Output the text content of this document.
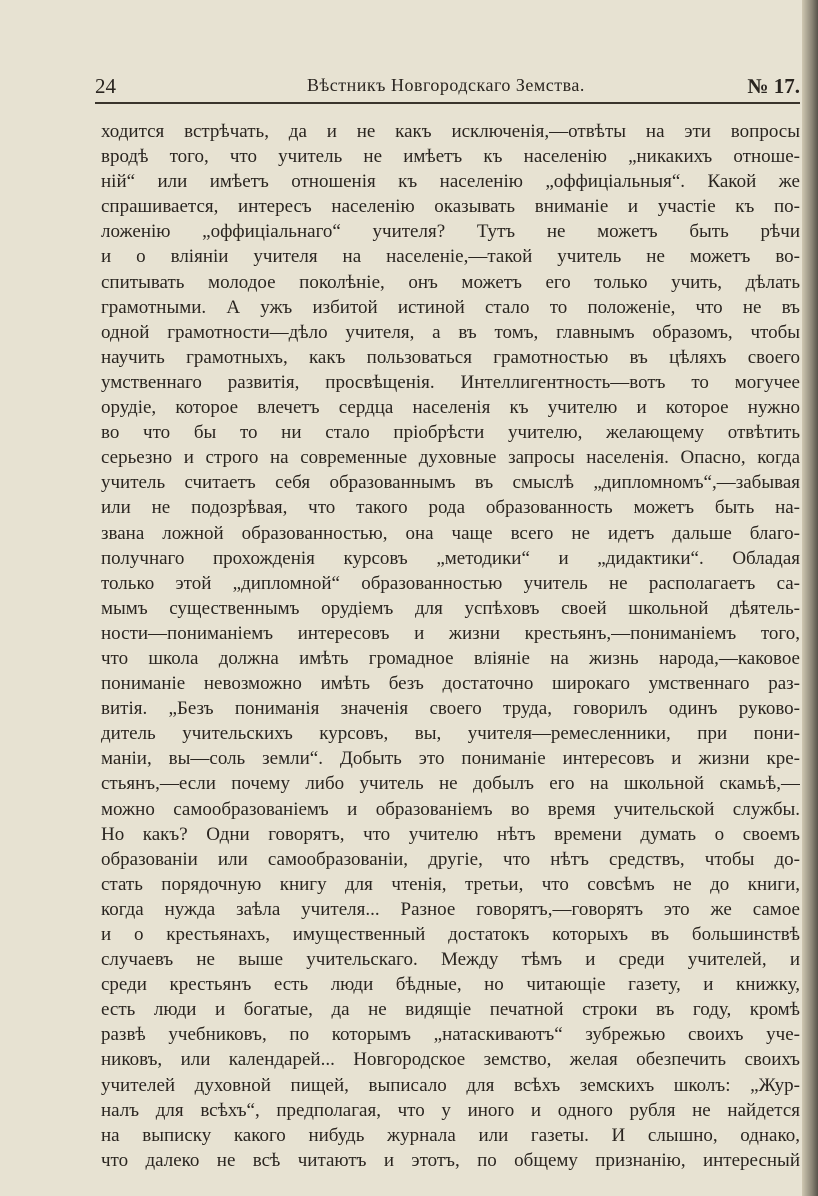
24	Вѣстникъ Новгородскаго Земства.	№ 17.
ходится встрѣчать, да и не какъ исключенія,—отвѣты на эти вопросы
вродѣ того, что учитель не имѣетъ къ населенію „никакихъ отноше-
ній“ или имѣетъ отношенія къ населенію „оффиціальныя“. Какой же
спрашивается, интересъ населенію оказывать вниманіе и участіе къ по-
ложенію „оффиціальнаго“ учителя? Тутъ не можетъ быть рѣчи
и о вліяніи учителя на населеніе,—такой учитель не можетъ во-
спитывать молодое поколѣніе, онъ можетъ его только учить, дѣлать
грамотными. А ужъ избитой истиной стало то положеніе, что не въ
одной грамотности—дѣло учителя, а въ томъ, главнымъ образомъ, чтобы
научить грамотныхъ, какъ пользоваться грамотностью въ цѣляхъ своего
умственнаго развитія, просвѣщенія. Интеллигентность—вотъ то могучее
орудіе, которое влечетъ сердца населенія къ учителю и которое нужно
во что бы то ни стало пріобрѣсти учителю, желающему отвѣтить
серьезно и строго на современные духовные запросы населенія. Опасно, когда
учитель считаетъ себя образованнымъ въ смыслѣ „дипломномъ“,—забывая
или не подозрѣвая, что такого рода образованность можетъ быть на-
звана ложной образованностью, она чаще всего не идетъ дальше благо-
получнаго прохожденія курсовъ „методики“ и „дидактики“. Обладая
только этой „дипломной“ образованностью учитель не располагаетъ са-
мымъ существеннымъ орудіемъ для успѣховъ своей школьной дѣятель-
ности—пониманіемъ интересовъ и жизни крестьянъ,—пониманіемъ того,
что школа должна имѣть громадное вліяніе на жизнь народа,—каковое
пониманіе невозможно имѣть безъ достаточно широкаго умственнаго раз-
витія. „Безъ пониманія значенія своего труда, говорилъ одинъ руково-
дитель учительскихъ курсовъ, вы, учителя—ремесленники, при пони-
маніи, вы—соль земли“. Добыть это пониманіе интересовъ и жизни кре-
стьянъ,—если почему либо учитель не добылъ его на школьной скамьѣ,—
можно самообразованіемъ и образованіемъ во время учительской службы.
Но какъ? Одни говорятъ, что учителю нѣтъ времени думать о своемъ
образованіи или самообразованіи, другіе, что нѣтъ средствъ, чтобы до-
стать порядочную книгу для чтенія, третьи, что совсѣмъ не до книги,
когда нужда заѣла учителя... Разное говорятъ,—говорятъ это же самое
и о крестьянахъ, имущественный достатокъ которыхъ въ большинствѣ
случаевъ не выше учительскаго. Между тѣмъ и среди учителей, и
среди крестьянъ есть люди бѣдные, но читающіе газету, и книжку,
есть люди и богатые, да не видящіе печатной строки въ году, кромѣ
развѣ учебниковъ, по которымъ „натаскиваютъ“ зубрежью своихъ уче-
никовъ, или календарей... Новгородское земство, желая обезпечить своихъ
учителей духовной пищей, выписало для всѣхъ земскихъ школъ: „Жур-
налъ для всѣхъ“, предполагая, что у иного и одного рубля не найдется
на выписку какого нибудь журнала или газеты. И слышно, однако,
что далеко не всѣ читаютъ и этотъ, по общему признанію, интересный
